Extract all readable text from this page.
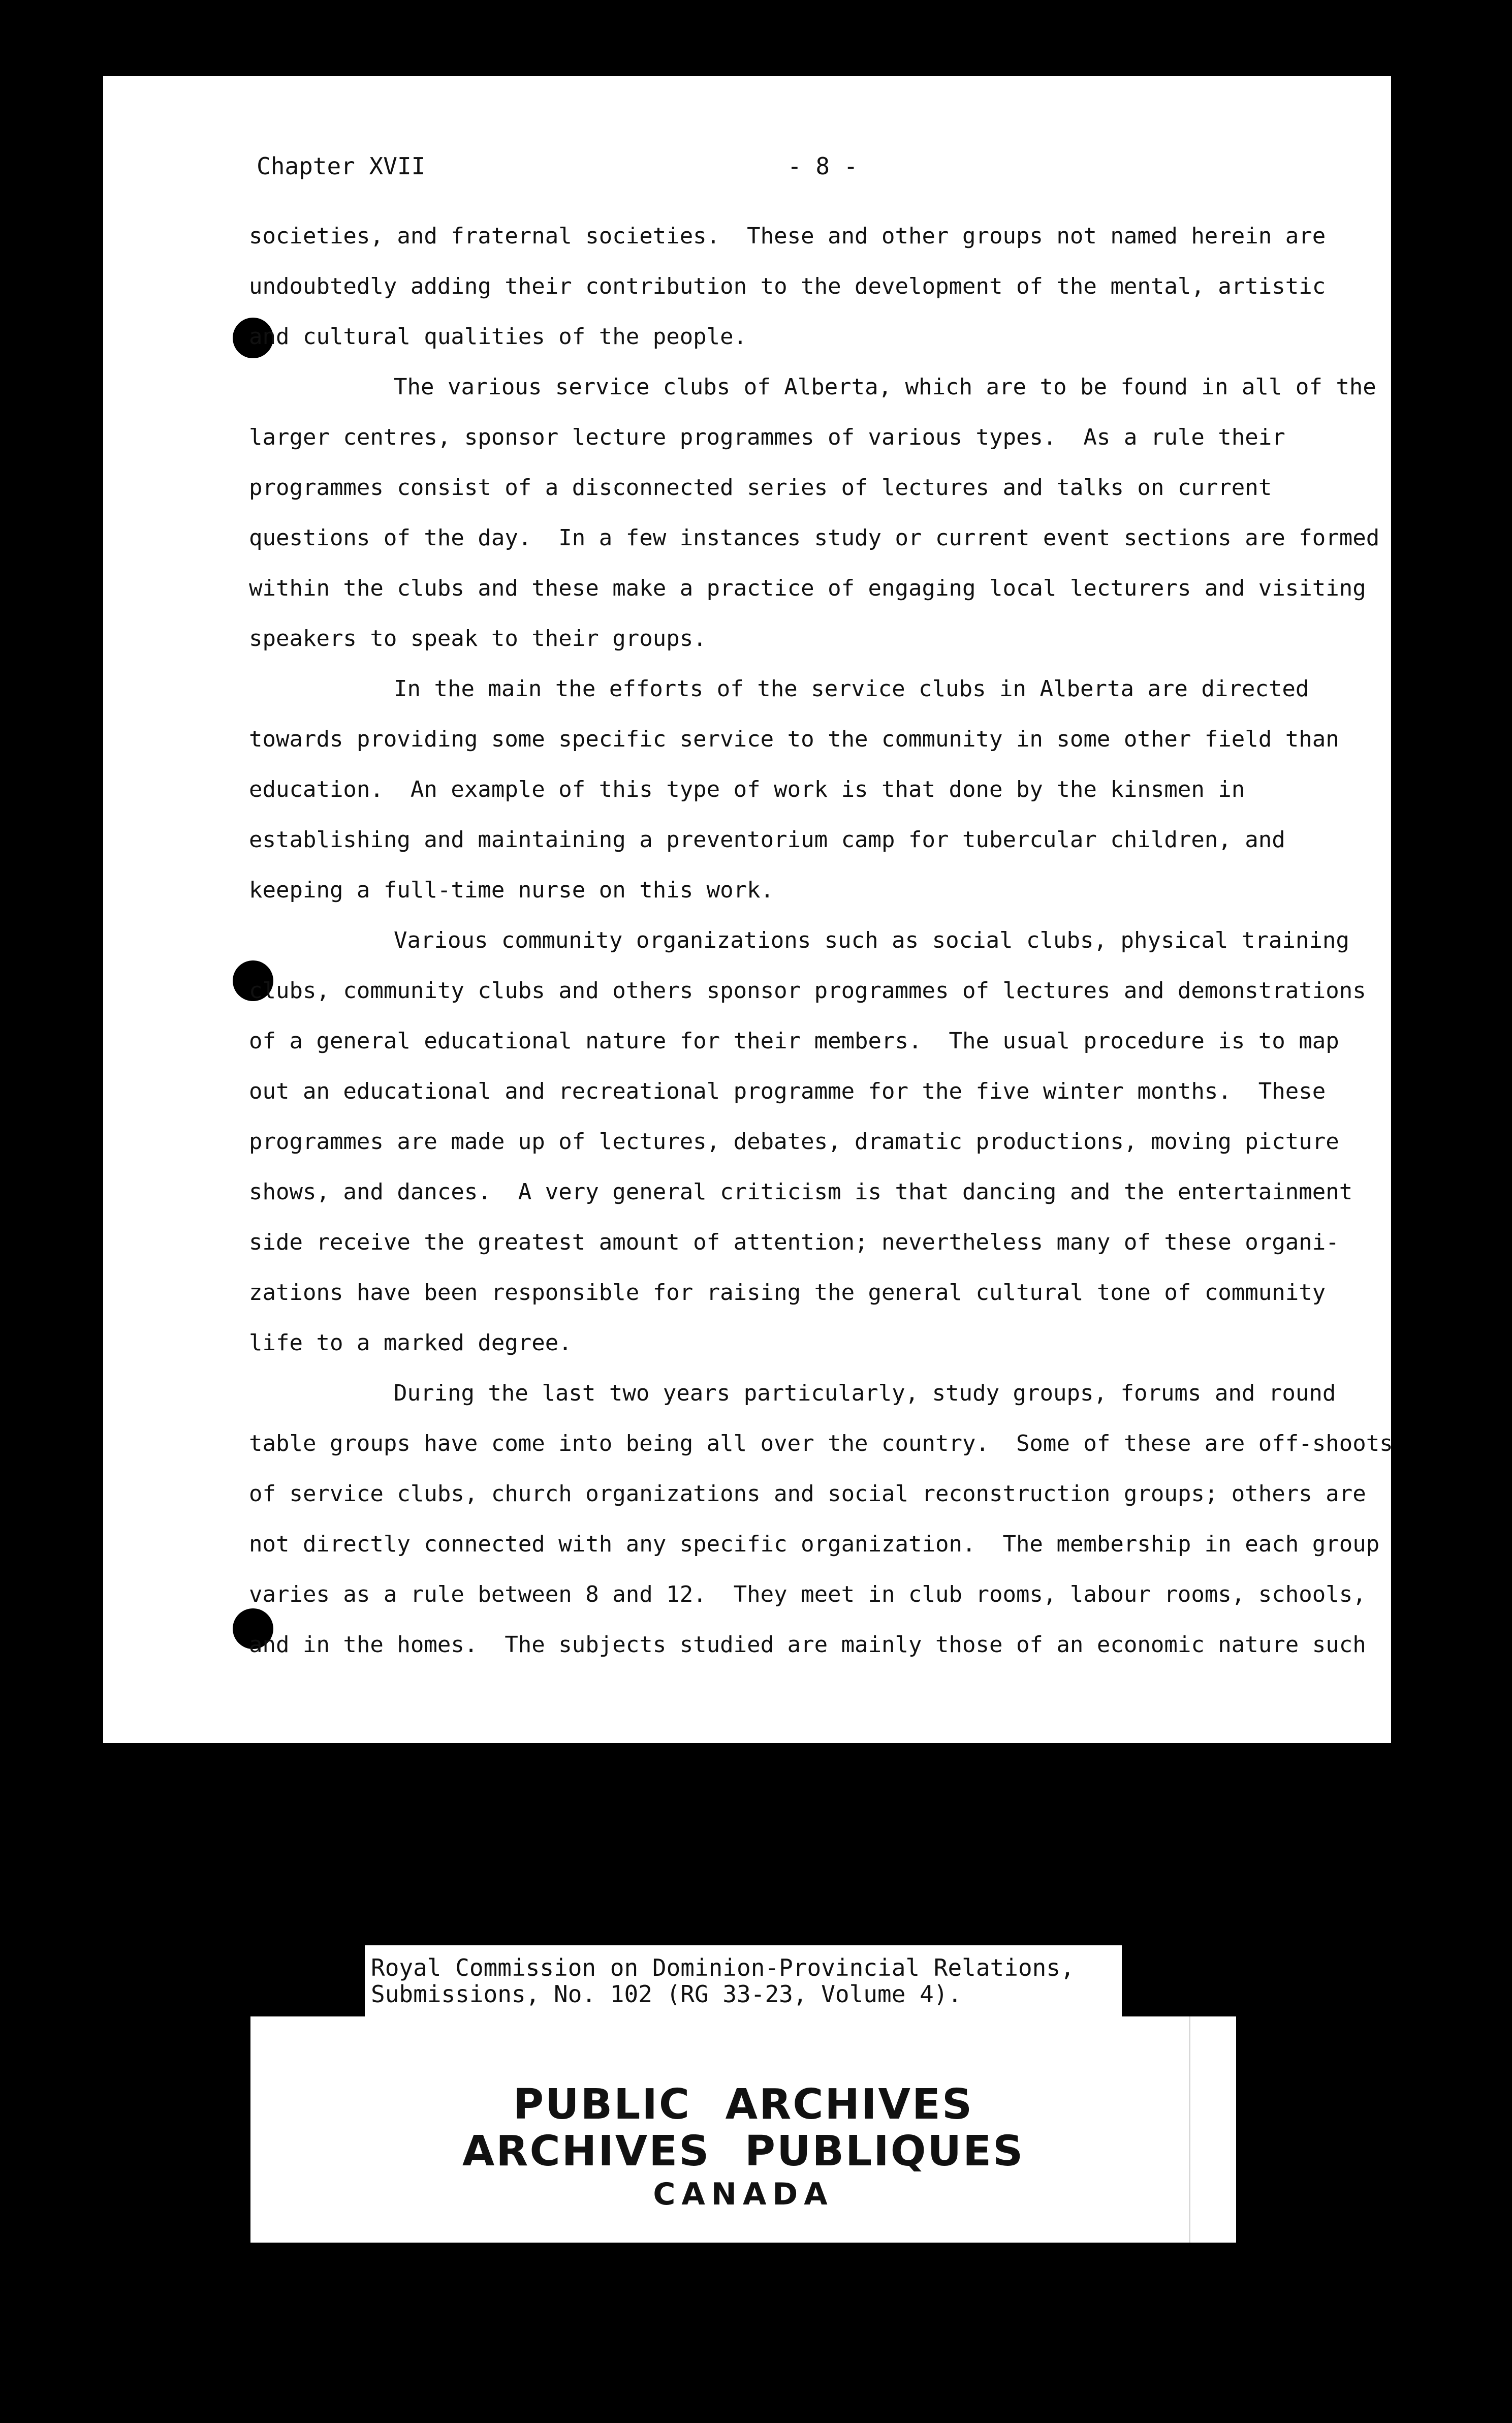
Chapter XVII	- 8 -
societies, and fraternal societies.  These and other groups not named herein are
undoubtedly adding their contribution to the development of the mental, artistic
and cultural qualities of the people.
The various service clubs of Alberta, which are to be found in all of the
larger centres, sponsor lecture programmes of various types.  As a rule their
programmes consist of a disconnected series of lectures and talks on current
questions of the day.  In a few instances study or current event sections are formed
within the clubs and these make a practice of engaging local lecturers and visiting
speakers to speak to their groups.
In the main the efforts of the service clubs in Alberta are directed
towards providing some specific service to the community in some other field than
education.  An example of this type of work is that done by the kinsmen in
establishing and maintaining a preventorium camp for tubercular children, and
keeping a full-time nurse on this work.
Various community organizations such as social clubs, physical training
clubs, community clubs and others sponsor programmes of lectures and demonstrations
of a general educational nature for their members.  The usual procedure is to map
out an educational and recreational programme for the five winter months.  These
programmes are made up of lectures, debates, dramatic productions, moving picture
shows, and dances.  A very general criticism is that dancing and the entertainment
side receive the greatest amount of attention; nevertheless many of these organi-
zations have been responsible for raising the general cultural tone of community
life to a marked degree.
During the last two years particularly, study groups, forums and round
table groups have come into being all over the country.  Some of these are off-shoots
of service clubs, church organizations and social reconstruction groups; others are
not directly connected with any specific organization.  The membership in each group
varies as a rule between 8 and 12.  They meet in club rooms, labour rooms, schools,
and in the homes.  The subjects studied are mainly those of an economic nature such
Royal Commission on Dominion-Provincial Relations,
Submissions, No. 102 (RG 33-23, Volume 4).
PUBLIC ARCHIVES
ARCHIVES PUBLIQUES
CANADA
